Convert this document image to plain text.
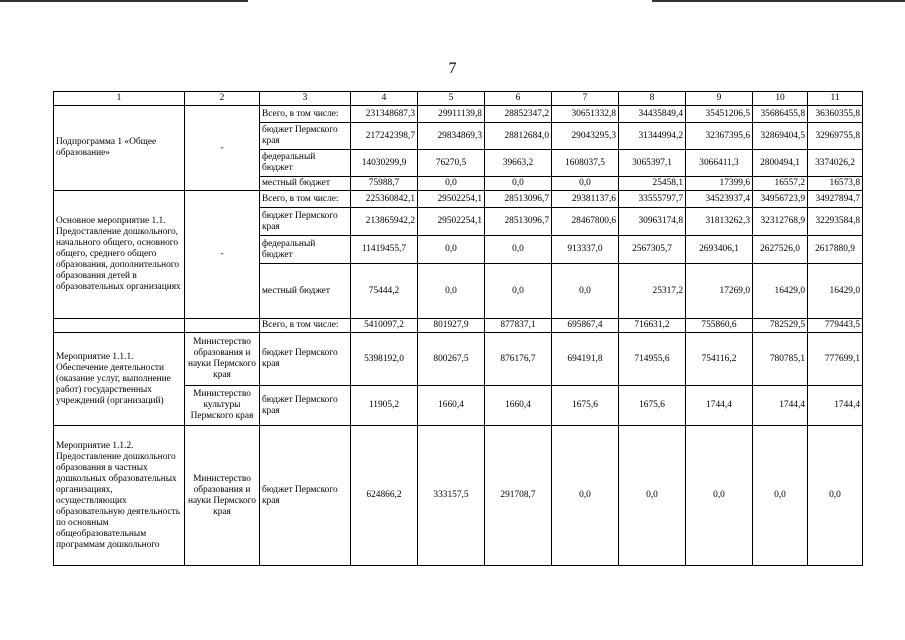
7
1	2	3	4	5	6	7	8	9	10	11
Подпрограмма 1 «Общее образование»	-	Всего, в том числе:	231348687,3	29911139,8	28852347,2	30651332,8	34435849,4	35451206,5	35686455,8	36360355,8
		бюджет Пермского края	217242398,7	29834869,3	28812684,0	29043295,3	31344994,2	32367395,6	32869404,5	32969755,8
		федеральный бюджет	14030299,9	76270,5	39663,2	1608037,5	3065397,1	3066411,3	2800494,1	3374026,2
		местный бюджет	75988,7	0,0	0,0	0,0	25458,1	17399,6	16557,2	16573,8
Основное мероприятие 1.1. Предоставление дошкольного, начального общего, основного общего, среднего общего образования, дополнительного образования детей в образовательных организациях	-	Всего, в том числе:	225360842,1	29502254,1	28513096,7	29381137,6	33555797,7	34523937,4	34956723,9	34927894,7
		бюджет Пермского края	213865942,2	29502254,1	28513096,7	28467800,6	30963174,8	31813262,3	32312768,9	32293584,8
		федеральный бюджет	11419455,7	0,0	0,0	913337,0	2567305,7	2693406,1	2627526,0	2617880,9
		местный бюджет	75444,2	0,0	0,0	0,0	25317,2	17269,0	16429,0	16429,0
		Всего, в том числе:	5410097,2	801927,9	877837,1	695867,4	716631,2	755860,6	782529,5	779443,5
Мероприятие 1.1.1. Обеспечение деятельности (оказание услуг, выполнение работ) государственных учреждений (организаций)	Министерство образования и науки Пермского края	бюджет Пермского края	5398192,0	800267,5	876176,7	694191,8	714955,6	754116,2	780785,1	777699,1
	Министерство культуры Пермского края	бюджет Пермского края	11905,2	1660,4	1660,4	1675,6	1675,6	1744,4	1744,4	1744,4
Мероприятие 1.1.2. Предоставление дошкольного образования в частных дошкольных образовательных организациях, осуществляющих образовательную деятельность по основным общеобразовательным программам дошкольного	Министерство образования и науки Пермского края	бюджет Пермского края	624866,2	333157,5	291708,7	0,0	0,0	0,0	0,0	0,0
